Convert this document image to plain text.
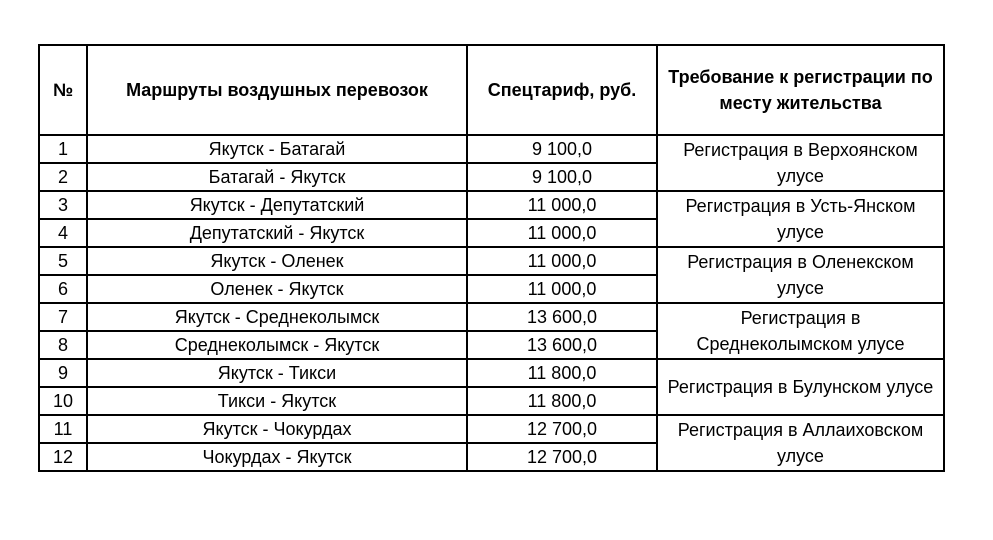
№	Маршруты воздушных перевозок	Спецтариф, руб.	Требование к регистрации по месту жительства
1	Якутск - Батагай	9 100,0	Регистрация в Верхоянском улусе
2	Батагай - Якутск	9 100,0	
3	Якутск - Депутатский	11 000,0	Регистрация в Усть-Янском улусе
4	Депутатский - Якутск	11 000,0	
5	Якутск - Оленек	11 000,0	Регистрация в Оленекском улусе
6	Оленек - Якутск	11 000,0	
7	Якутск - Среднеколымск	13 600,0	Регистрация в Среднеколымском улусе
8	Среднеколымск - Якутск	13 600,0	
9	Якутск - Тикси	11 800,0	Регистрация в Булунском улусе
10	Тикси - Якутск	11 800,0	
11	Якутск - Чокурдах	12 700,0	Регистрация в Аллаиховском улусе
12	Чокурдах - Якутск	12 700,0	
